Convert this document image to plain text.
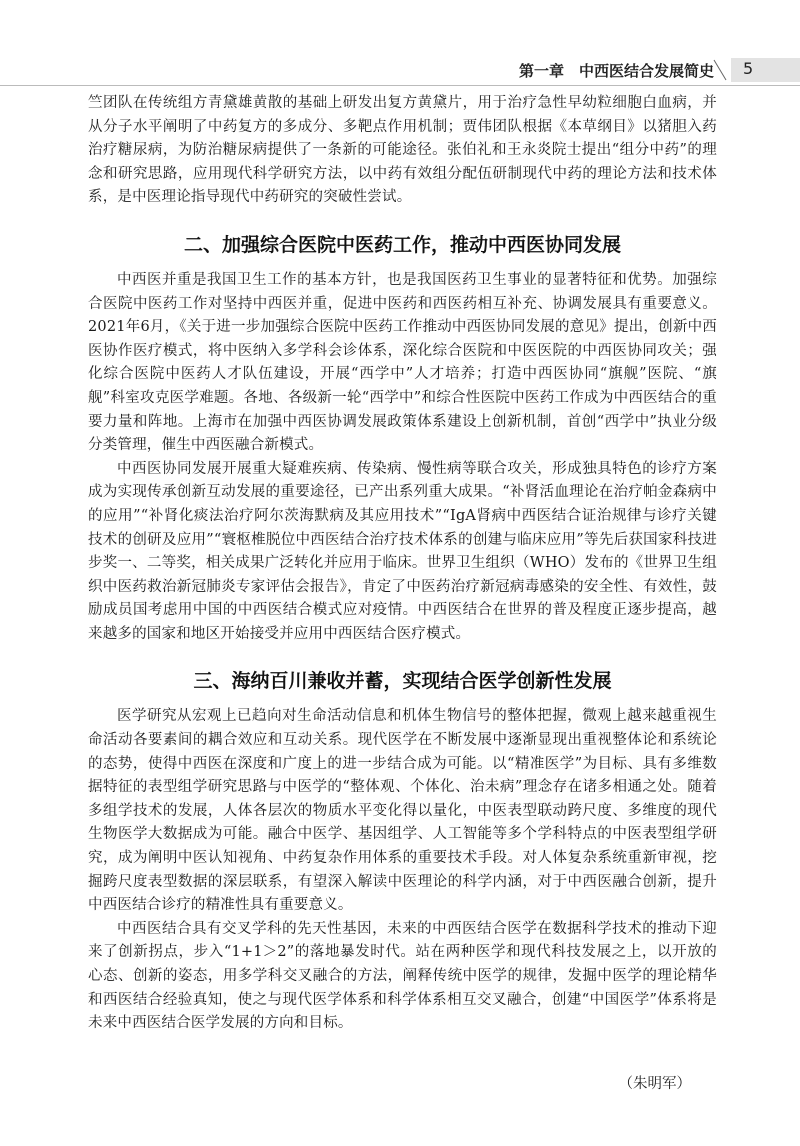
第一章　中西医结合发展简史 5

竺团队在传统组方青黛雄黄散的基础上研发出复方黄黛片，用于治疗急性早幼粒细胞白血病，并从分子水平阐明了中药复方的多成分、多靶点作用机制；贾伟团队根据《本草纲目》以猪胆入药治疗糖尿病，为防治糖尿病提供了一条新的可能途径。张伯礼和王永炎院士提出“组分中药”的理念和研究思路，应用现代科学研究方法，以中药有效组分配伍研制现代中药的理论方法和技术体系，是中医理论指导现代中药研究的突破性尝试。

二、加强综合医院中医药工作，推动中西医协同发展

中西医并重是我国卫生工作的基本方针，也是我国医药卫生事业的显著特征和优势。加强综合医院中医药工作对坚持中西医并重，促进中医药和西医药相互补充、协调发展具有重要意义。2021年6月，《关于进一步加强综合医院中医药工作推动中西医协同发展的意见》提出，创新中西医协作医疗模式，将中医纳入多学科会诊体系，深化综合医院和中医医院的中西医协同攻关；强化综合医院中医药人才队伍建设，开展“西学中”人才培养；打造中西医协同“旗舰”医院、“旗舰”科室攻克医学难题。各地、各级新一轮“西学中”和综合性医院中医药工作成为中西医结合的重要力量和阵地。上海市在加强中西医协调发展政策体系建设上创新机制，首创“西学中”执业分级分类管理，催生中西医融合新模式。

中西医协同发展开展重大疑难疾病、传染病、慢性病等联合攻关，形成独具特色的诊疗方案成为实现传承创新互动发展的重要途径，已产出系列重大成果。“补肾活血理论在治疗帕金森病中的应用”“补肾化痰法治疗阿尔茨海默病及其应用技术”“IgA肾病中西医结合证治规律与诊疗关键技术的创研及应用”“寰枢椎脱位中西医结合治疗技术体系的创建与临床应用”等先后获国家科技进步奖一、二等奖，相关成果广泛转化并应用于临床。世界卫生组织（WHO）发布的《世界卫生组织中医药救治新冠肺炎专家评估会报告》，肯定了中医药治疗新冠病毒感染的安全性、有效性，鼓励成员国考虑用中国的中西医结合模式应对疫情。中西医结合在世界的普及程度正逐步提高，越来越多的国家和地区开始接受并应用中西医结合医疗模式。

三、海纳百川兼收并蓄，实现结合医学创新性发展

医学研究从宏观上已趋向对生命活动信息和机体生物信号的整体把握，微观上越来越重视生命活动各要素间的耦合效应和互动关系。现代医学在不断发展中逐渐显现出重视整体论和系统论的态势，使得中西医在深度和广度上的进一步结合成为可能。以“精准医学”为目标、具有多维数据特征的表型组学研究思路与中医学的“整体观、个体化、治未病”理念存在诸多相通之处。随着多组学技术的发展，人体各层次的物质水平变化得以量化，中医表型联动跨尺度、多维度的现代生物医学大数据成为可能。融合中医学、基因组学、人工智能等多个学科特点的中医表型组学研究，成为阐明中医认知视角、中药复杂作用体系的重要技术手段。对人体复杂系统重新审视，挖掘跨尺度表型数据的深层联系，有望深入解读中医理论的科学内涵，对于中西医融合创新，提升中西医结合诊疗的精准性具有重要意义。

中西医结合具有交叉学科的先天性基因，未来的中西医结合医学在数据科学技术的推动下迎来了创新拐点，步入“1+1＞2”的落地暴发时代。站在两种医学和现代科技发展之上，以开放的心态、创新的姿态，用多学科交叉融合的方法，阐释传统中医学的规律，发掘中医学的理论精华和西医结合经验真知，使之与现代医学体系和科学体系相互交叉融合，创建“中国医学”体系将是未来中西医结合医学发展的方向和目标。

（朱明军）
